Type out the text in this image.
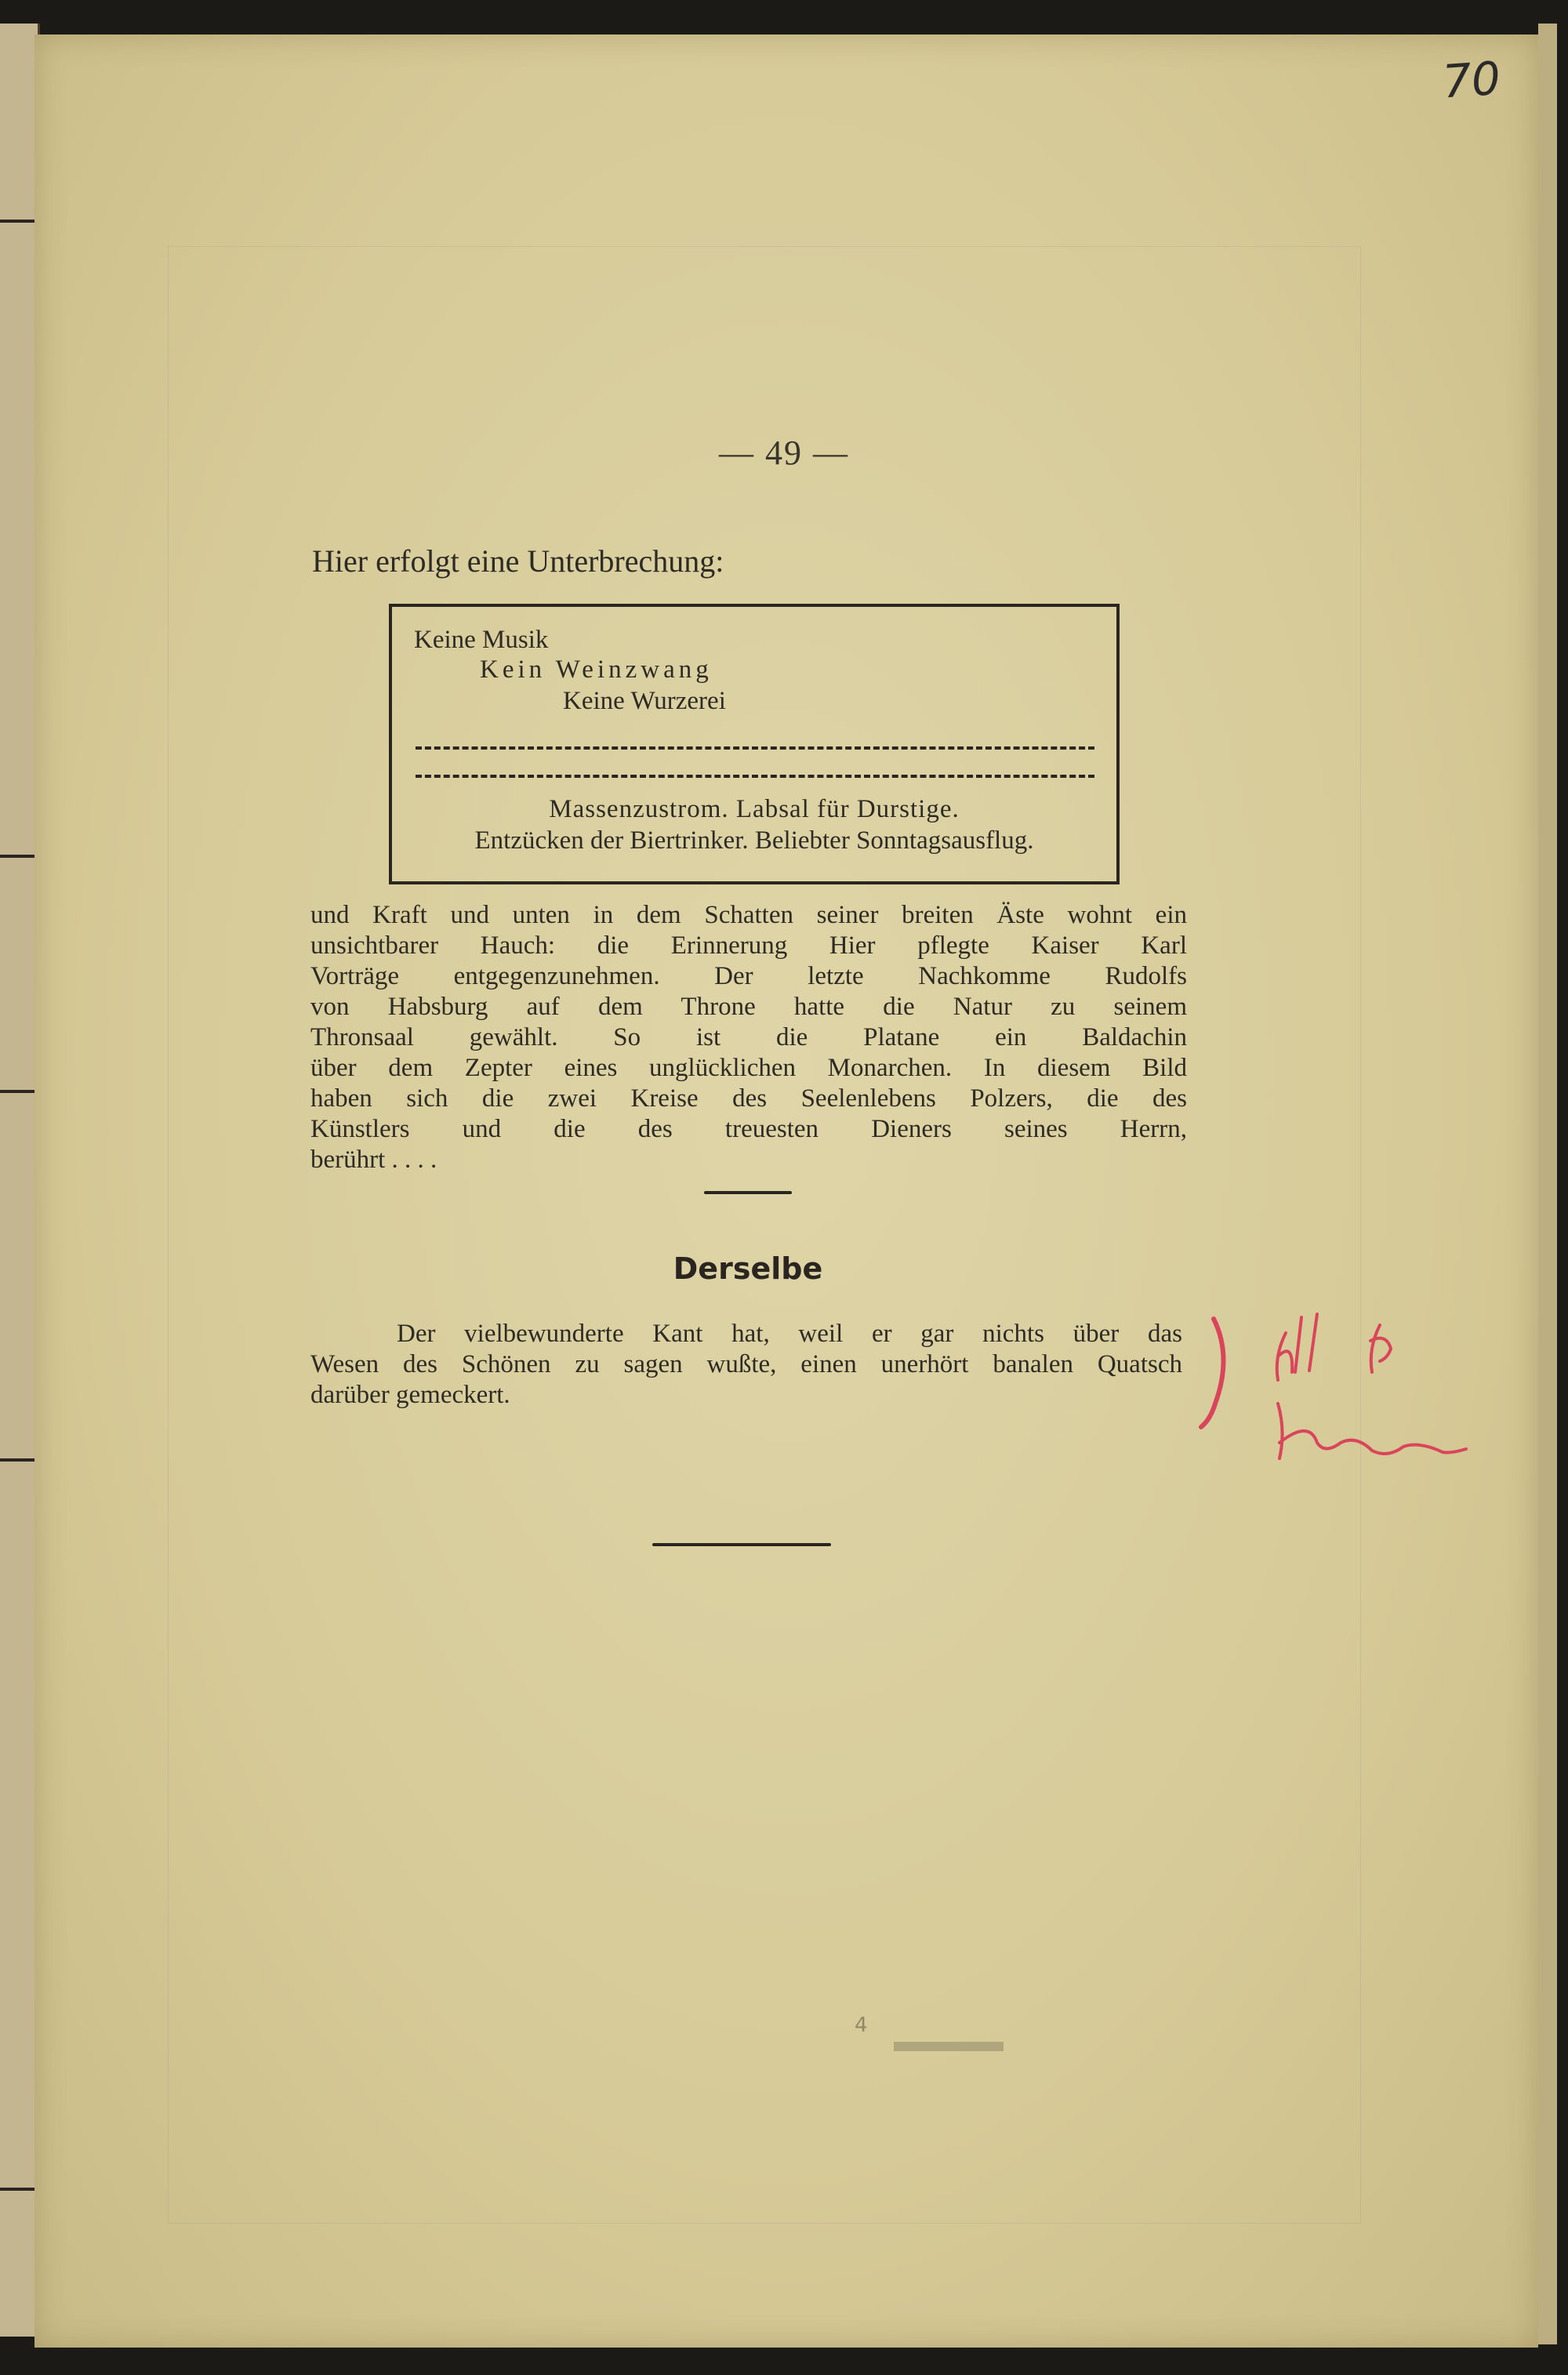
70
— 49 —
Hier erfolgt eine Unterbrechung:
Keine Musik
Kein Weinzwang
Keine Wurzerei
Massenzustrom. Labsal für Durstige.
Entzücken der Biertrinker. Beliebter Sonntagsausflug.
und Kraft und unten in dem Schatten seiner breiten Äste wohnt ein
unsichtbarer Hauch: die Erinnerung Hier pflegte Kaiser Karl
Vorträge entgegenzunehmen. Der letzte Nachkomme Rudolfs
von Habsburg auf dem Throne hatte die Natur zu seinem
Thronsaal gewählt. So ist die Platane ein Baldachin
über dem Zepter eines unglücklichen Monarchen. In diesem Bild
haben sich die zwei Kreise des Seelenlebens Polzers, die des
Künstlers und die des treuesten Dieners seines Herrn,
berührt . . . .
Derselbe
Der vielbewunderte Kant hat, weil er gar nichts über das
Wesen des Schönen zu sagen wußte, einen unerhört banalen Quatsch
darüber gemeckert.
4
